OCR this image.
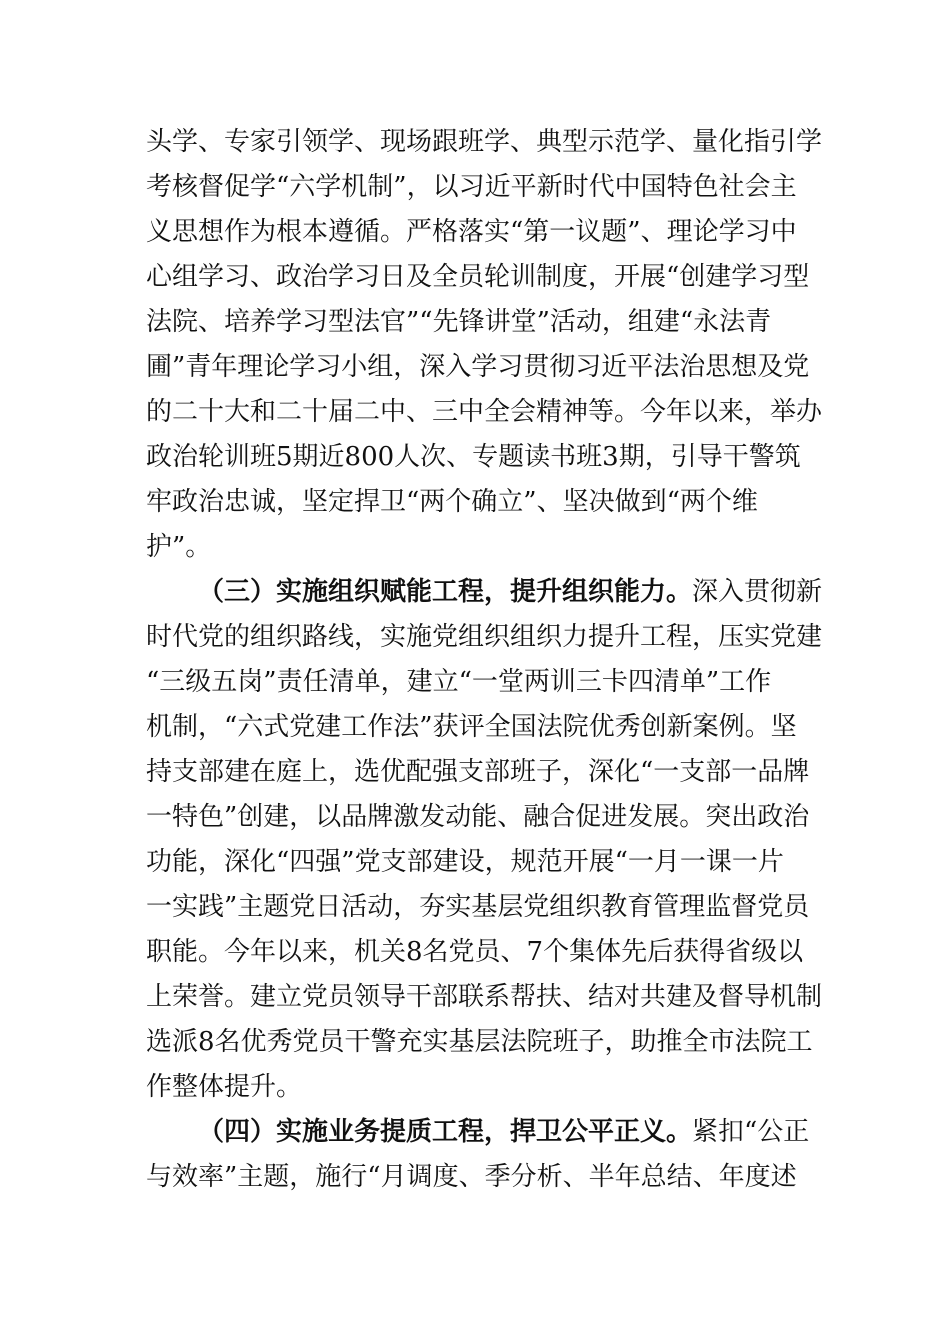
头学、专家引领学、现场跟班学、典型示范学、量化指引学
考核督促学“六学机制”，以习近平新时代中国特色社会主
义思想作为根本遵循。严格落实“第一议题”、理论学习中
心组学习、政治学习日及全员轮训制度，开展“创建学习型
法院、培养学习型法官”“先锋讲堂”活动，组建“永法青
圃”青年理论学习小组，深入学习贯彻习近平法治思想及党
的二十大和二十届二中、三中全会精神等。今年以来，举办
政治轮训班5期近800人次、专题读书班3期，引导干警筑
牢政治忠诚，坚定捍卫“两个确立”、坚决做到“两个维
护”。
（三）实施组织赋能工程，提升组织能力。深入贯彻新
时代党的组织路线，实施党组织组织力提升工程，压实党建
“三级五岗”责任清单，建立“一堂两训三卡四清单”工作
机制，“六式党建工作法”获评全国法院优秀创新案例。坚
持支部建在庭上，选优配强支部班子，深化“一支部一品牌
一特色”创建，以品牌激发动能、融合促进发展。突出政治
功能，深化“四强”党支部建设，规范开展“一月一课一片
一实践”主题党日活动，夯实基层党组织教育管理监督党员
职能。今年以来，机关8名党员、7个集体先后获得省级以
上荣誉。建立党员领导干部联系帮扶、结对共建及督导机制
选派8名优秀党员干警充实基层法院班子，助推全市法院工
作整体提升。
（四）实施业务提质工程，捍卫公平正义。紧扣“公正
与效率”主题，施行“月调度、季分析、半年总结、年度述
